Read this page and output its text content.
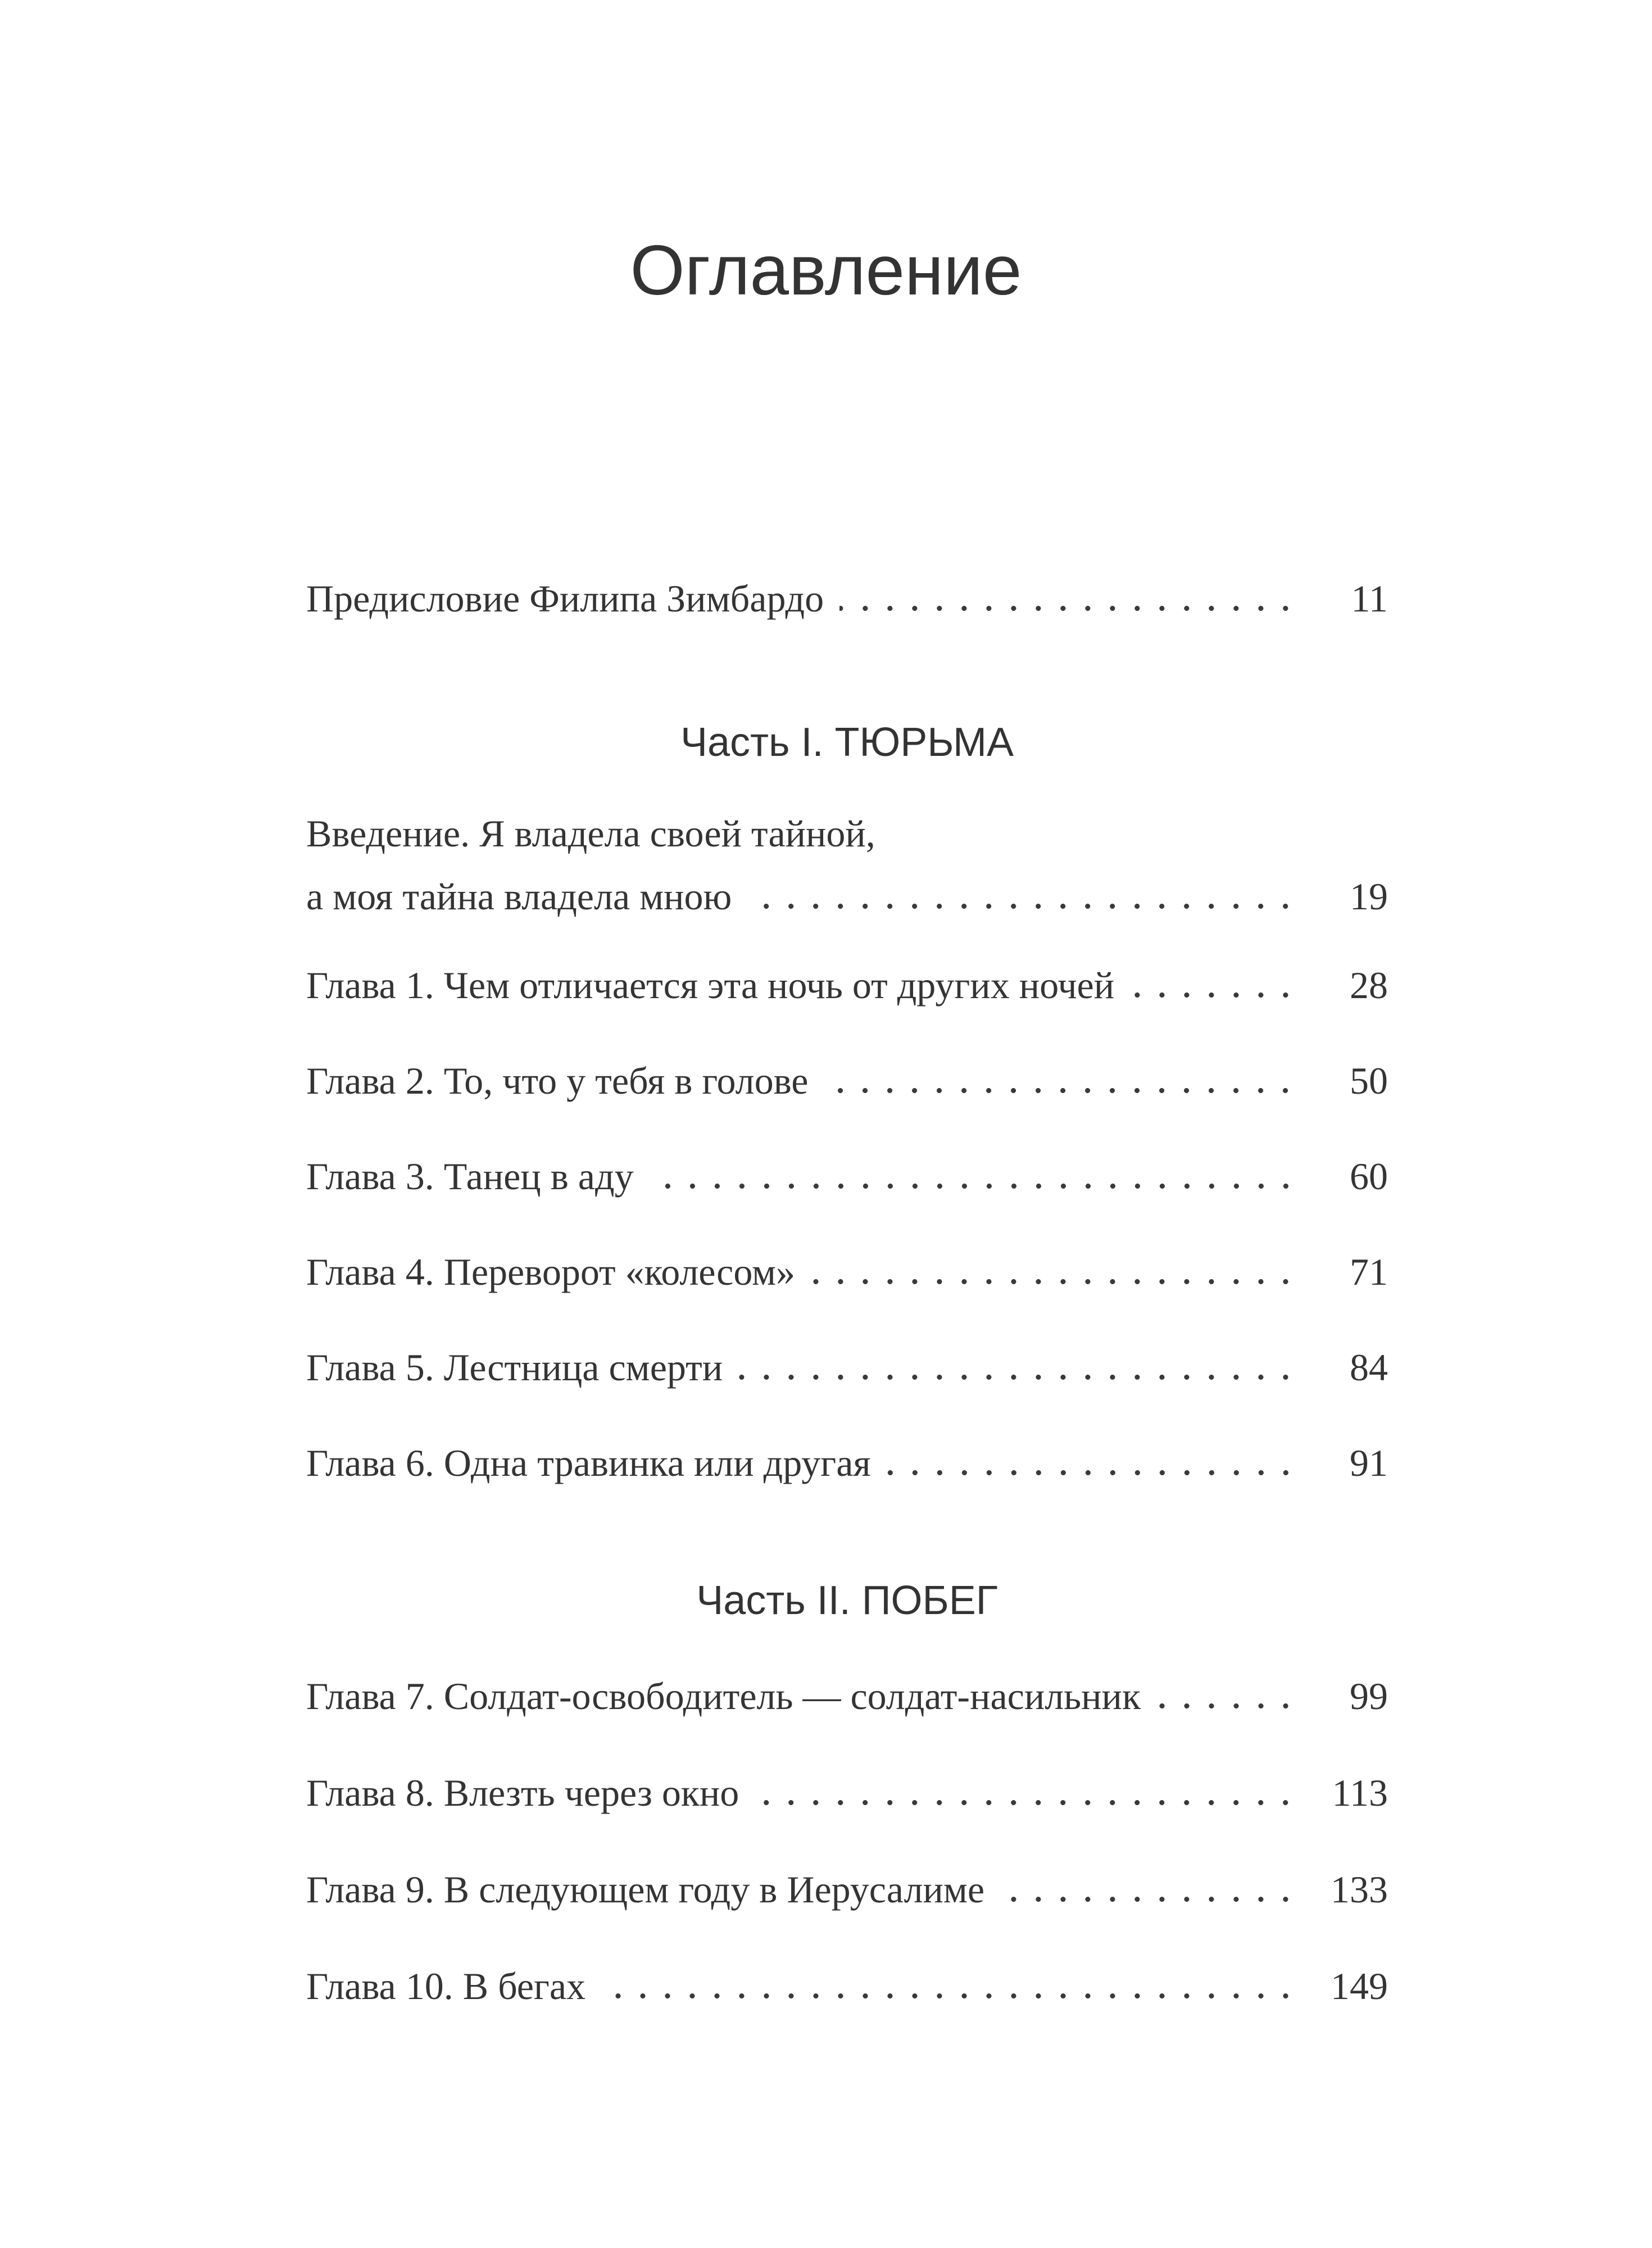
Оглавление
Предисловие Филипа Зимбардо	11
Часть I. ТЮРЬМА
Введение. Я владела своей тайной,
а моя тайна владела мною	19
Глава 1. Чем отличается эта ночь от других ночей	28
Глава 2. То, что у тебя в голове	50
Глава 3. Танец в аду	60
Глава 4. Переворот «колесом»	71
Глава 5. Лестница смерти	84
Глава 6. Одна травинка или другая	91
Часть II. ПОБЕГ
Глава 7. Солдат-освободитель — солдат-насильник	99
Глава 8. Влезть через окно	113
Глава 9. В следующем году в Иерусалиме	133
Глава 10. В бегах	149
